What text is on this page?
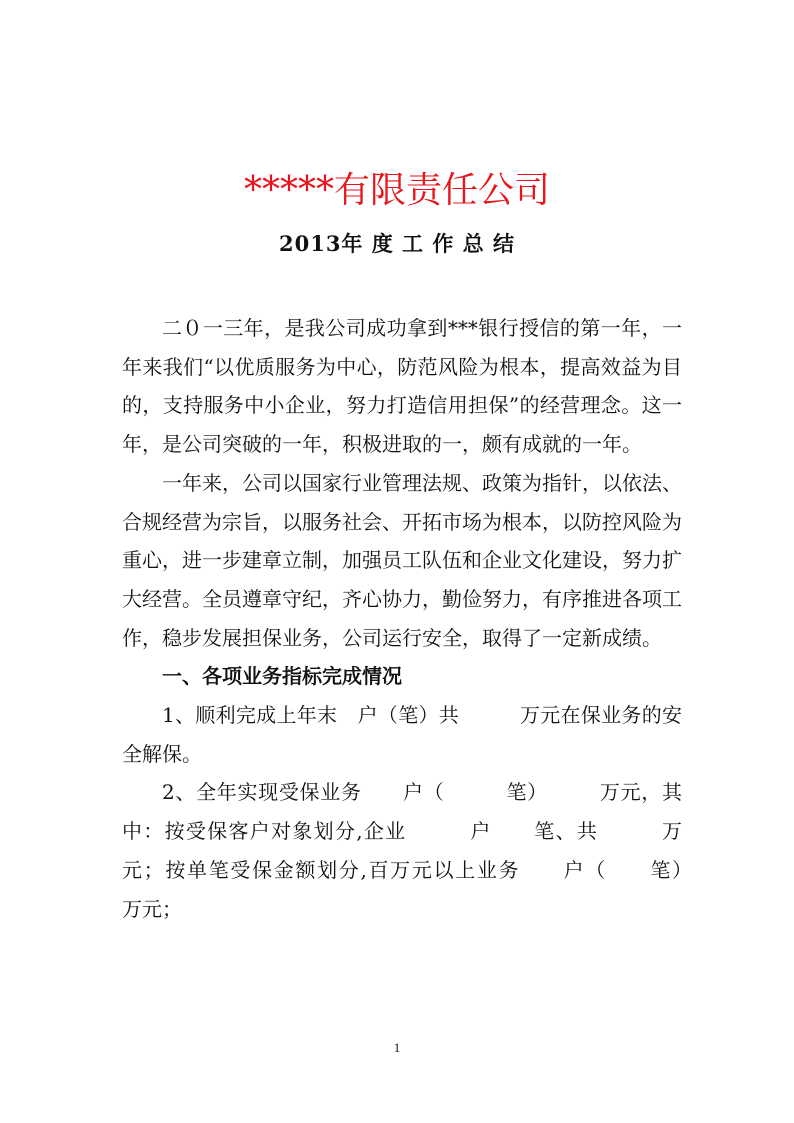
*****有限责任公司
2013年 度 工 作 总 结

二０一三年，是我公司成功拿到***银行授信的第一年，一年来我们“以优质服务为中心，防范风险为根本，提高效益为目的，支持服务中小企业，努力打造信用担保”的经营理念。这一年，是公司突破的一年，积极进取的一，颇有成就的一年。

一年来，公司以国家行业管理法规、政策为指针，以依法、合规经营为宗旨，以服务社会、开拓市场为根本，以防控风险为重心，进一步建章立制，加强员工队伍和企业文化建设，努力扩大经营。全员遵章守纪，齐心协力，勤俭努力，有序推进各项工作，稳步发展担保业务，公司运行安全，取得了一定新成绩。

一、各项业务指标完成情况

1、顺利完成上年末　户（笔）共　　　万元在保业务的安全解保。

2、全年实现受保业务　　户（　　　笔）　　　万元，其中：按受保客户对象划分,企业　　　户　　笔、共　　　万元；按单笔受保金额划分,百万元以上业务　　户（　　笔）　　万元；

1
